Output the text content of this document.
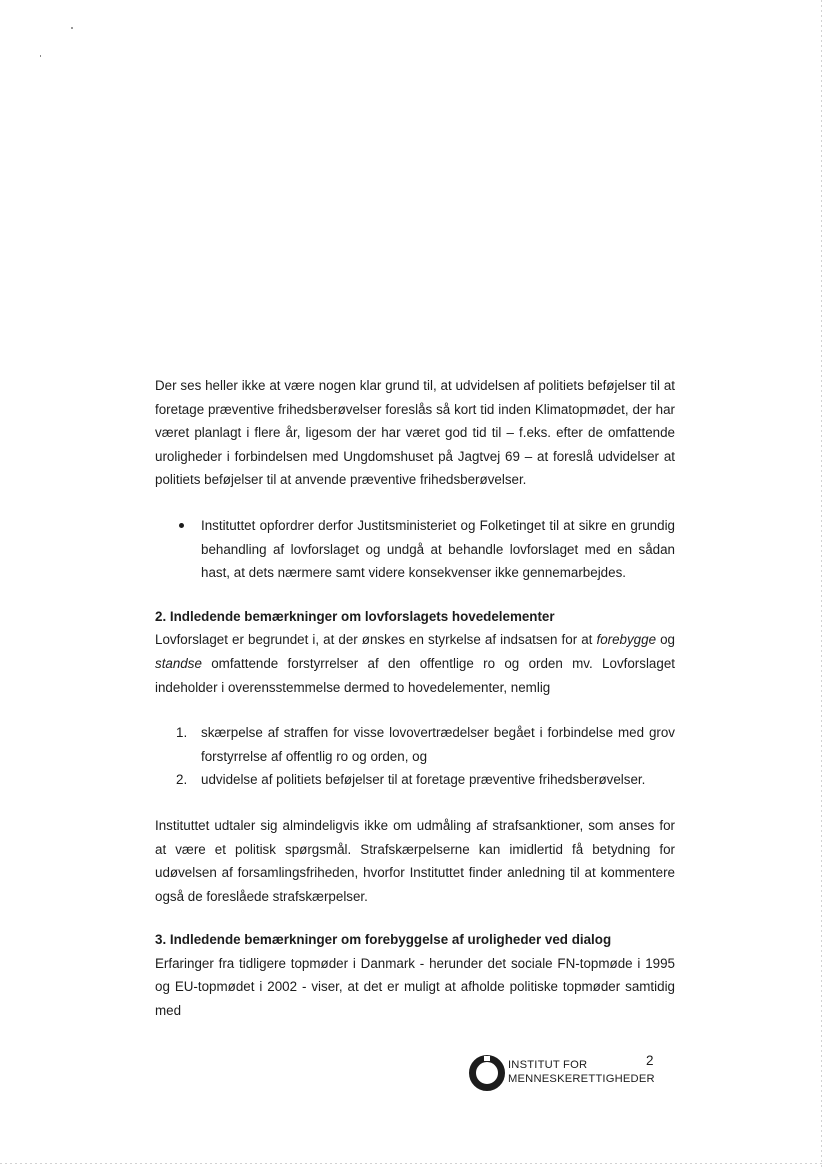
Der ses heller ikke at være nogen klar grund til, at udvidelsen af politiets beføjelser til at foretage præventive frihedsberøvelser foreslås så kort tid inden Klimatopmødet, der har været planlagt i flere år, ligesom der har været god tid til – f.eks. efter de omfattende uroligheder i forbindelsen med Ungdomshuset på Jagtvej 69 – at foreslå udvidelser at politiets beføjelser til at anvende præventive frihedsberøvelser.

Instituttet opfordrer derfor Justitsministeriet og Folketinget til at sikre en grundig behandling af lovforslaget og undgå at behandle lovforslaget med en sådan hast, at dets nærmere samt videre konsekvenser ikke gennemarbejdes.
2. Indledende bemærkninger om lovforslagets hovedelementer

Lovforslaget er begrundet i, at der ønskes en styrkelse af indsatsen for at forebygge og standse omfattende forstyrrelser af den offentlige ro og orden mv. Lovforslaget indeholder i overensstemmelse dermed to hovedelementer, nemlig

1. skærpelse af straffen for visse lovovertrædelser begået i forbindelse med grov forstyrrelse af offentlig ro og orden, og
2. udvidelse af politiets beføjelser til at foretage præventive frihedsberøvelser.

Instituttet udtaler sig almindeligvis ikke om udmåling af strafsanktioner, som anses for at være et politisk spørgsmål. Strafskærpelserne kan imidlertid få betydning for udøvelsen af forsamlingsfriheden, hvorfor Instituttet finder anledning til at kommentere også de foreslåede strafskærpelser.

3. Indledende bemærkninger om forebyggelse af uroligheder ved dialog

Erfaringer fra tidligere topmøder i Danmark - herunder det sociale FN-topmøde i 1995 og EU-topmødet i 2002 - viser, at det er muligt at afholde politiske topmøder samtidig med

INSTITUT FOR
MENNESKERETTIGHEDER
2
